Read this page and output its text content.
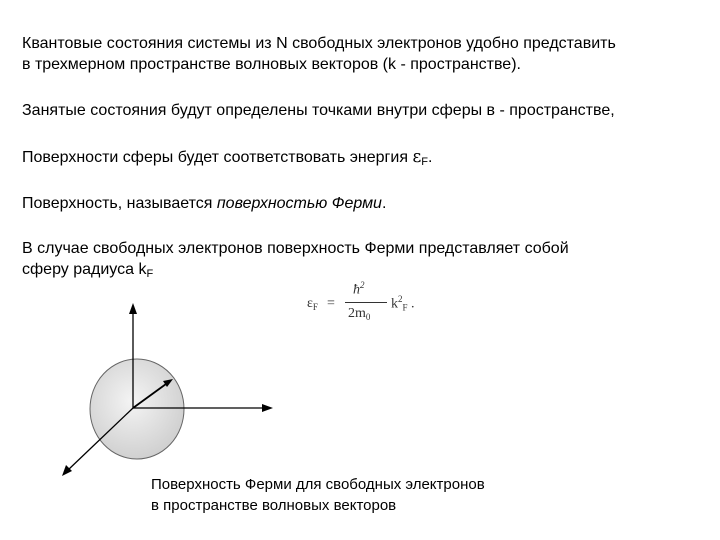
Квантовые состояния системы из N свободных электронов удобно представить
в трехмерном пространстве волновых векторов (k - пространстве).

Занятые состояния будут определены точками внутри сферы в - пространстве,

Поверхности сферы будет соответствовать энергия $\varepsilon_F$.

Поверхность, называется поверхностью Ферми.

В случае свободных электронов поверхность Ферми представляет собой
сферу радиуса $k_F$

$\varepsilon_F$ =
$ħ^2$
$2m_0$
$k^2_F$ .

Поверхность Ферми для свободных электронов
в пространстве волновых векторов
